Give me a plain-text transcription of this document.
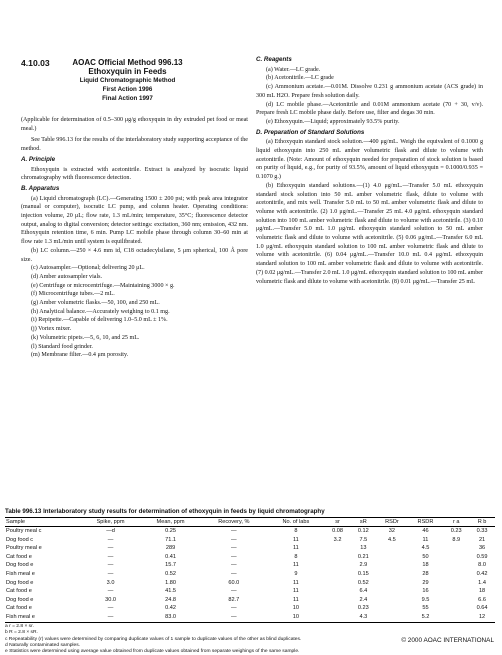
4.10.03	AOAC Official Method 996.13
Ethoxyquin in Feeds
Liquid Chromatographic Method
First Action 1996
Final Action 1997

(Applicable for determination of 0.5–300 μg/g ethoxyquin in dry extruded pet food or meat meal.)

See Table 996.13 for the results of the interlaboratory study supporting acceptance of the method.

A. Principle

Ethoxyquin is extracted with acetonitrile. Extract is analyzed by isocratic liquid chromatography with fluorescence detection.

B. Apparatus

(a) Liquid chromatograph (LC).—Generating 1500 ± 200 psi; with peak area integrator (manual or computer), isocratic LC pump, and column heater. Operating conditions: injection volume, 20 μL; flow rate, 1.3 mL/min; temperature, 35°C; fluorescence detector output, analog to digital conversion; detector settings: excitation, 360 nm; emission, 432 nm. Ethoxyquin retention time, 6 min. Pump LC mobile phase through column 30–60 min at flow rate 1.3 mL/min until system is equilibrated.

(b) LC column.—250 × 4.6 mm id, C18 octadecylsilane, 5 μm spherical, 100 Å pore size.

(c) Autosampler.—Optional; delivering 20 μL.

(d) Amber autosampler vials.

(e) Centrifuge or microcentrifuge.—Maintaining 3000 × g.

(f) Microcentrifuge tubes.—2 mL.

(g) Amber volumetric flasks.—50, 100, and 250 mL.

(h) Analytical balance.—Accurately weighing to 0.1 mg.

(i) Repipette.—Capable of delivering 1.0–5.0 mL ± 1%.

(j) Vortex mixer.

(k) Volumetric pipets.—5, 6, 10, and 25 mL.

(l) Standard food grinder.

(m) Membrane filter.—0.4 μm porosity.

C. Reagents

(a) Water.—LC grade.

(b) Acetonitrile.—LC grade

(c) Ammonium acetate.—0.01M. Dissolve 0.231 g ammonium acetate (ACS grade) in 300 mL H2O. Prepare fresh solution daily.

(d) LC mobile phase.—Acetonitrile and 0.01M ammonium acetate (70 + 30, v/v). Prepare fresh LC mobile phase daily. Before use, filter and degas 30 min.

(e) Ethoxyquin.—Liquid; approximately 93.5% purity.

D. Preparation of Standard Solutions

(a) Ethoxyquin standard stock solution.—400 μg/mL. Weigh the equivalent of 0.1000 g liquid ethoxyquin into 250 mL amber volumetric flask and dilute to volume with acetonitrile. (Note: Amount of ethoxyquin needed for preparation of stock solution is based on purity of liquid, e.g., for purity of 93.5%, amount of liquid ethoxyquin = 0.1000/0.935 = 0.1070 g.)

(b) Ethoxyquin standard solutions.—(1) 4.0 μg/mL.—Transfer 5.0 mL ethoxyquin standard stock solution into 50 mL amber volumetric flask, dilute to volume with acetonitrile, and mix well. Transfer 5.0 mL to 50 mL amber volumetric flask and dilute to volume with acetonitrile. (2) 1.0 μg/mL.—Transfer 25 mL 4.0 μg/mL ethoxyquin standard solution into 100 mL amber volumetric flask and dilute to volume with acetonitrile. (3) 0.10 μg/mL.—Transfer 5.0 mL 1.0 μg/mL ethoxyquin standard solution to 50 mL amber volumetric flask and dilute to volume with acetonitrile. (5) 0.06 μg/mL.—Transfer 6.0 mL 1.0 μg/mL ethoxyquin standard solution to 100 mL amber volumetric flask and dilute to volume with acetonitrile. (6) 0.04 μg/mL.—Transfer 10.0 mL 0.4 μg/mL ethoxyquin standard solution to 100 mL amber volumetric flask and dilute to volume with acetonitrile. (7) 0.02 μg/mL.—Transfer 2.0 mL 1.0 μg/mL ethoxyquin standard solution to 100 mL amber volumetric flask and dilute to volume with acetonitrile. (8) 0.01 μg/mL.—Transfer 25 mL

Table 996.13 Interlaboratory study results for determination of ethoxyquin in feeds by liquid chromatography
Sample	Spike, ppm	Mean, ppm	Recovery, %	No. of labs	sr	sR	RSDr	RSDR	r a	R b
Poultry meal c	—d	0.25	—	8	0.08	0.12	32	46	0.23	0.33
Dog food c	—	71.1	—	11	3.2	7.5	4.5	11	8.9	21
Poultry meal e	—	289	—	11		13		4.5		36
Cat food e	—	0.41	—	8		0.21		50		0.59
Dog food e	—	15.7	—	11		2.9		18		8.0
Fish meal e	—	0.52	—	9		0.15		28		0.42
Dog food e	3.0	1.80	60.0	11		0.52		29		1.4
Cat food e	—	41.5	—	11		6.4		16		18
Dog food e	30.0	24.8	82.7	11		2.4		9.5		6.6
Cat food e	—	0.42	—	10		0.23		55		0.64
Fish meal e	—	83.0	—	10		4.3		5.2		12
a r = 2.8 × sr.
b R = 2.8 × sR.
c Repeatability (r) values were determined by comparing duplicate values of 1 sample to duplicate values of the other as blind duplicates.
d Naturally contaminated samples.
e Statistics were determined using average value obtained from duplicate values obtained from separate weighings of the same sample.
© 2000 AOAC INTERNATIONAL
